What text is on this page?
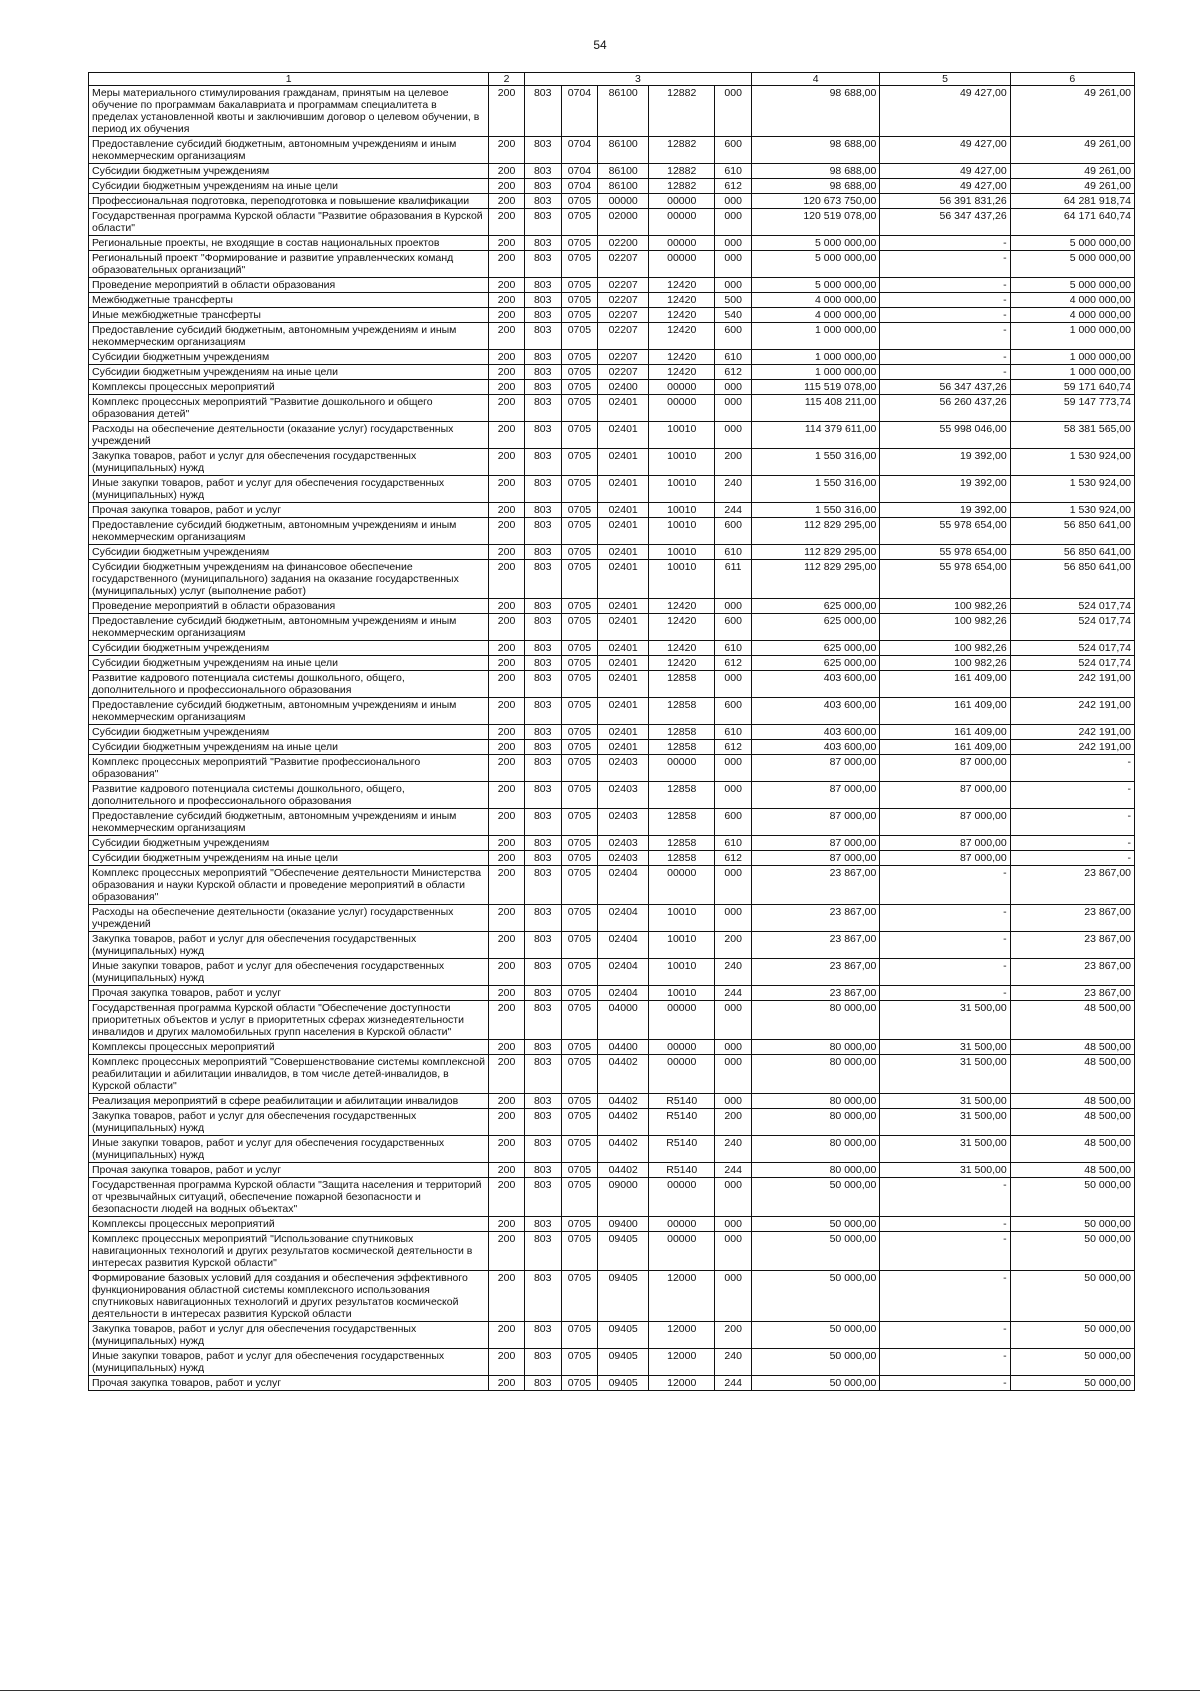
54
1	2	3					4	5	6
Меры материального стимулирования гражданам, принятым на целевое обучение по программам бакалавриата и программам специалитета в пределах установленной квоты и заключившим договор о целевом обучении, в период их обучения	200	803	0704	86100	12882	000	98 688,00	49 427,00	49 261,00
Предоставление субсидий бюджетным, автономным учреждениям и иным некоммерческим организациям	200	803	0704	86100	12882	600	98 688,00	49 427,00	49 261,00
Субсидии бюджетным учреждениям	200	803	0704	86100	12882	610	98 688,00	49 427,00	49 261,00
Субсидии бюджетным учреждениям на иные цели	200	803	0704	86100	12882	612	98 688,00	49 427,00	49 261,00
Профессиональная подготовка, переподготовка и повышение квалификации	200	803	0705	00000	00000	000	120 673 750,00	56 391 831,26	64 281 918,74
Государственная программа Курской области "Развитие образования в Курской области"	200	803	0705	02000	00000	000	120 519 078,00	56 347 437,26	64 171 640,74
Региональные проекты, не входящие в состав национальных проектов	200	803	0705	02200	00000	000	5 000 000,00	-	5 000 000,00
Региональный проект "Формирование и развитие управленческих команд образовательных организаций"	200	803	0705	02207	00000	000	5 000 000,00	-	5 000 000,00
Проведение мероприятий в области образования	200	803	0705	02207	12420	000	5 000 000,00	-	5 000 000,00
Межбюджетные трансферты	200	803	0705	02207	12420	500	4 000 000,00	-	4 000 000,00
Иные межбюджетные трансферты	200	803	0705	02207	12420	540	4 000 000,00	-	4 000 000,00
Предоставление субсидий бюджетным, автономным учреждениям и иным некоммерческим организациям	200	803	0705	02207	12420	600	1 000 000,00	-	1 000 000,00
Субсидии бюджетным учреждениям	200	803	0705	02207	12420	610	1 000 000,00	-	1 000 000,00
Субсидии бюджетным учреждениям на иные цели	200	803	0705	02207	12420	612	1 000 000,00	-	1 000 000,00
Комплексы процессных мероприятий	200	803	0705	02400	00000	000	115 519 078,00	56 347 437,26	59 171 640,74
Комплекс процессных мероприятий "Развитие дошкольного и общего образования детей"	200	803	0705	02401	00000	000	115 408 211,00	56 260 437,26	59 147 773,74
Расходы на обеспечение деятельности (оказание услуг) государственных учреждений	200	803	0705	02401	10010	000	114 379 611,00	55 998 046,00	58 381 565,00
Закупка товаров, работ и услуг для обеспечения государственных (муниципальных) нужд	200	803	0705	02401	10010	200	1 550 316,00	19 392,00	1 530 924,00
Иные закупки товаров, работ и услуг для обеспечения государственных (муниципальных) нужд	200	803	0705	02401	10010	240	1 550 316,00	19 392,00	1 530 924,00
Прочая закупка товаров, работ и услуг	200	803	0705	02401	10010	244	1 550 316,00	19 392,00	1 530 924,00
Предоставление субсидий бюджетным, автономным учреждениям и иным некоммерческим организациям	200	803	0705	02401	10010	600	112 829 295,00	55 978 654,00	56 850 641,00
Субсидии бюджетным учреждениям	200	803	0705	02401	10010	610	112 829 295,00	55 978 654,00	56 850 641,00
Субсидии бюджетным учреждениям на финансовое обеспечение государственного (муниципального) задания на оказание государственных (муниципальных) услуг (выполнение работ)	200	803	0705	02401	10010	611	112 829 295,00	55 978 654,00	56 850 641,00
Проведение мероприятий в области образования	200	803	0705	02401	12420	000	625 000,00	100 982,26	524 017,74
Предоставление субсидий бюджетным, автономным учреждениям и иным некоммерческим организациям	200	803	0705	02401	12420	600	625 000,00	100 982,26	524 017,74
Субсидии бюджетным учреждениям	200	803	0705	02401	12420	610	625 000,00	100 982,26	524 017,74
Субсидии бюджетным учреждениям на иные цели	200	803	0705	02401	12420	612	625 000,00	100 982,26	524 017,74
Развитие кадрового потенциала системы дошкольного, общего, дополнительного и профессионального образования	200	803	0705	02401	12858	000	403 600,00	161 409,00	242 191,00
Предоставление субсидий бюджетным, автономным учреждениям и иным некоммерческим организациям	200	803	0705	02401	12858	600	403 600,00	161 409,00	242 191,00
Субсидии бюджетным учреждениям	200	803	0705	02401	12858	610	403 600,00	161 409,00	242 191,00
Субсидии бюджетным учреждениям на иные цели	200	803	0705	02401	12858	612	403 600,00	161 409,00	242 191,00
Комплекс процессных мероприятий "Развитие профессионального образования"	200	803	0705	02403	00000	000	87 000,00	87 000,00	-
Развитие кадрового потенциала системы дошкольного, общего, дополнительного и профессионального образования	200	803	0705	02403	12858	000	87 000,00	87 000,00	-
Предоставление субсидий бюджетным, автономным учреждениям и иным некоммерческим организациям	200	803	0705	02403	12858	600	87 000,00	87 000,00	-
Субсидии бюджетным учреждениям	200	803	0705	02403	12858	610	87 000,00	87 000,00	-
Субсидии бюджетным учреждениям на иные цели	200	803	0705	02403	12858	612	87 000,00	87 000,00	-
Комплекс процессных мероприятий "Обеспечение деятельности Министерства образования и науки Курской области и проведение мероприятий в области образования"	200	803	0705	02404	00000	000	23 867,00	-	23 867,00
Расходы на обеспечение деятельности (оказание услуг) государственных учреждений	200	803	0705	02404	10010	000	23 867,00	-	23 867,00
Закупка товаров, работ и услуг для обеспечения государственных (муниципальных) нужд	200	803	0705	02404	10010	200	23 867,00	-	23 867,00
Иные закупки товаров, работ и услуг для обеспечения государственных (муниципальных) нужд	200	803	0705	02404	10010	240	23 867,00	-	23 867,00
Прочая закупка товаров, работ и услуг	200	803	0705	02404	10010	244	23 867,00	-	23 867,00
Государственная программа Курской области "Обеспечение доступности приоритетных объектов и услуг в приоритетных сферах жизнедеятельности инвалидов и других маломобильных групп населения в Курской области"	200	803	0705	04000	00000	000	80 000,00	31 500,00	48 500,00
Комплексы процессных мероприятий	200	803	0705	04400	00000	000	80 000,00	31 500,00	48 500,00
Комплекс процессных мероприятий "Совершенствование системы комплексной реабилитации и абилитации инвалидов, в том числе детей-инвалидов, в Курской области"	200	803	0705	04402	00000	000	80 000,00	31 500,00	48 500,00
Реализация мероприятий в сфере реабилитации и абилитации инвалидов	200	803	0705	04402	R5140	000	80 000,00	31 500,00	48 500,00
Закупка товаров, работ и услуг для обеспечения государственных (муниципальных) нужд	200	803	0705	04402	R5140	200	80 000,00	31 500,00	48 500,00
Иные закупки товаров, работ и услуг для обеспечения государственных (муниципальных) нужд	200	803	0705	04402	R5140	240	80 000,00	31 500,00	48 500,00
Прочая закупка товаров, работ и услуг	200	803	0705	04402	R5140	244	80 000,00	31 500,00	48 500,00
Государственная программа Курской области "Защита населения и территорий от чрезвычайных ситуаций, обеспечение пожарной безопасности и безопасности людей на водных объектах"	200	803	0705	09000	00000	000	50 000,00	-	50 000,00
Комплексы процессных мероприятий	200	803	0705	09400	00000	000	50 000,00	-	50 000,00
Комплекс процессных мероприятий "Использование спутниковых навигационных технологий и других результатов космической деятельности в интересах развития Курской области"	200	803	0705	09405	00000	000	50 000,00	-	50 000,00
Формирование базовых условий для создания и обеспечения эффективного функционирования областной системы комплексного использования спутниковых навигационных технологий и других результатов космической деятельности в интересах развития Курской области	200	803	0705	09405	12000	000	50 000,00	-	50 000,00
Закупка товаров, работ и услуг для обеспечения государственных (муниципальных) нужд	200	803	0705	09405	12000	200	50 000,00	-	50 000,00
Иные закупки товаров, работ и услуг для обеспечения государственных (муниципальных) нужд	200	803	0705	09405	12000	240	50 000,00	-	50 000,00
Прочая закупка товаров, работ и услуг	200	803	0705	09405	12000	244	50 000,00	-	50 000,00
